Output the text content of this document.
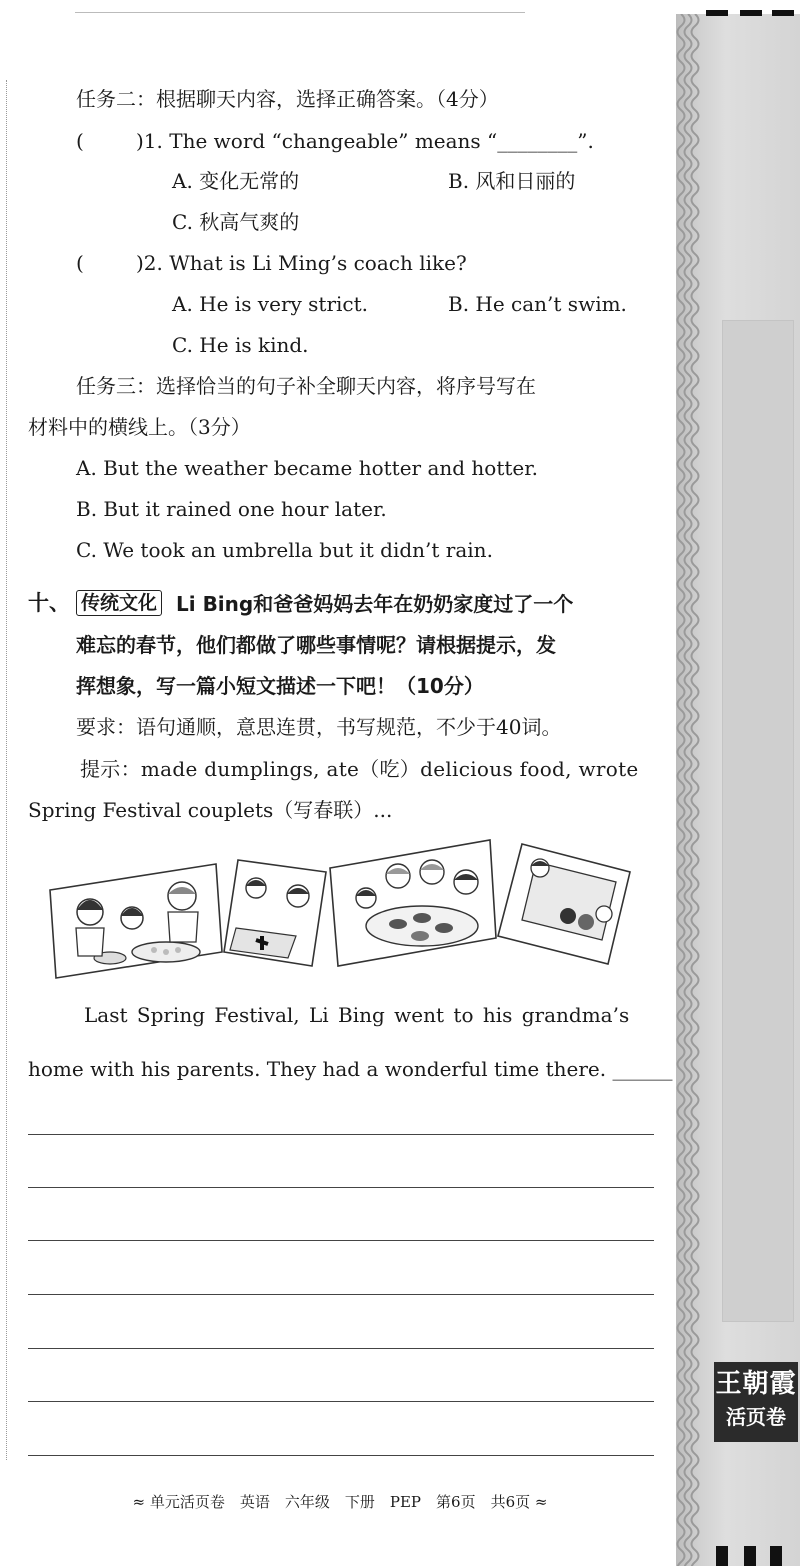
王朝霞
活页卷
任务二：根据聊天内容，选择正确答案。（4分）
(	)1. The word “changeable” means “________”.
A. 变化无常的	B. 风和日丽的
C. 秋高气爽的
(	)2. What is Li Ming’s coach like?
A. He is very strict.	B. He can’t swim.
C. He is kind.
任务三：选择恰当的句子补全聊天内容，将序号写在
材料中的横线上。（3分）
A. But the weather became hotter and hotter.
B. But it rained one hour later.
C. We took an umbrella but it didn’t rain.
十、 传统文化 Li Bing和爸爸妈妈去年在奶奶家度过了一个
难忘的春节，他们都做了哪些事情呢？请根据提示，发
挥想象，写一篇小短文描述一下吧！（10分）
要求：语句通顺，意思连贯，书写规范，不少于40词。
提示：made dumplings, ate（吃）delicious food, wrote
Spring Festival couplets（写春联）...
Last Spring Festival, Li Bing went to his grandma’s
home with his parents. They had a wonderful time there. ______
≈ 单元活页卷　英语　六年级　下册　PEP　第6页　共6页 ≈
